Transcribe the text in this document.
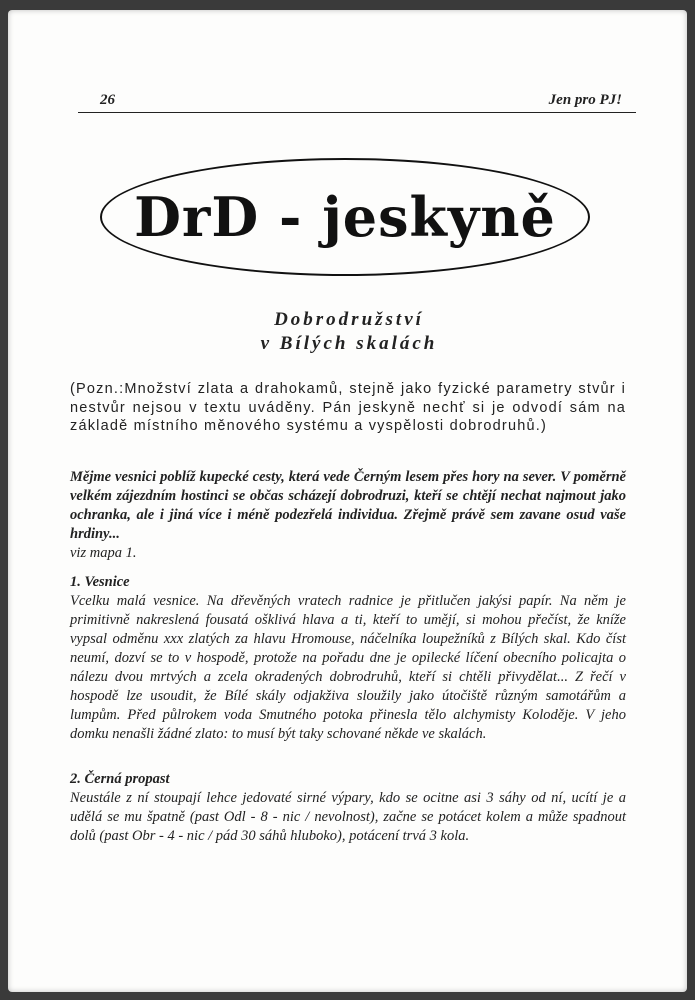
26	Jen pro PJ!
DrD - jeskyně
Dobrodružství
v Bílých skalách
(Pozn.:Množství zlata a drahokamů, stejně jako fyzické parametry stvůr i nestvůr nejsou v textu uváděny. Pán jeskyně nechť si je odvodí sám na základě místního měnového systému a vyspělosti dobrodruhů.)
Mějme vesnici poblíž kupecké cesty, která vede Černým lesem přes hory na sever. V poměrně velkém zájezdním hostinci se občas scházejí dobrodruzi, kteří se chtějí nechat najmout jako ochranka, ale i jiná více i méně podezřelá individua. Zřejmě právě sem zavane osud vaše hrdiny...
viz mapa 1.
1. Vesnice
Vcelku malá vesnice. Na dřevěných vratech radnice je přitlučen jakýsi papír. Na něm je primitivně nakreslená fousatá ošklivá hlava a ti, kteří to umějí, si mohou přečíst, že knížе vypsal odměnu xxx zlatých za hlavu Hromouse, náčelníka loupežníků z Bílých skal. Kdo číst neumí, dozví se to v hospodě, protože na pořadu dne je opilecké líčení obecního policajta o nálezu dvou mrtvých a zcela okradených dobrodruhů, kteří si chtěli přivydělat... Z řečí v hospodě lze usoudit, že Bílé skály odjakživa sloužily jako útočiště různým samotářům a lumpům. Před půlrokem voda Smutného potoka přinesla tělo alchymisty Koloděje. V jeho domku nenašli žádné zlato: to musí být taky schované někde ve skalách.
2. Černá propast
Neustále z ní stoupají lehce jedovaté sirné výpary, kdo se ocitne asi 3 sáhy od ní, ucítí je a udělá se mu špatně (past Odl - 8 - nic / nevolnost), začne se potácet kolem a může spadnout dolů (past Obr - 4 - nic / pád 30 sáhů hluboko), potácení trvá 3 kola.
